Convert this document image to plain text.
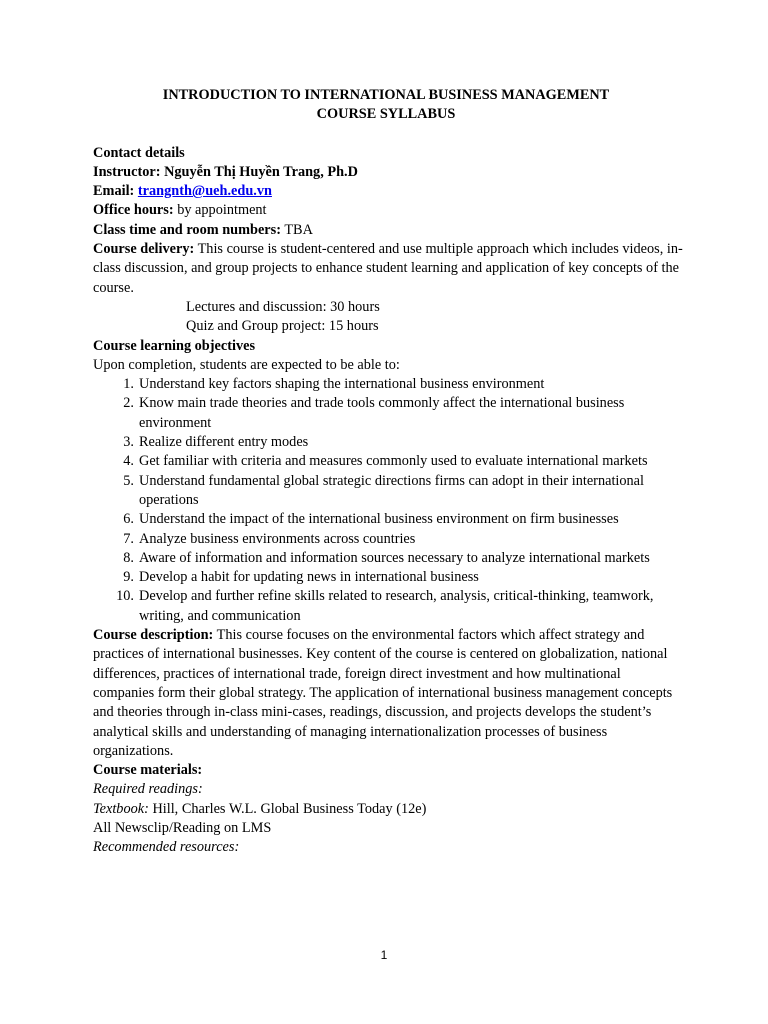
INTRODUCTION TO INTERNATIONAL BUSINESS MANAGEMENT
COURSE SYLLABUS
Contact details
Instructor: Nguyễn Thị Huyền Trang, Ph.D
Email: trangnth@ueh.edu.vn
Office hours: by appointment
Class time and room numbers: TBA
Course delivery: This course is student-centered and use multiple approach which includes videos, in-class discussion, and group projects to enhance student learning and application of key concepts of the course.
Lectures and discussion: 30 hours
Quiz and Group project: 15 hours
Course learning objectives
Upon completion, students are expected to be able to:
1. Understand key factors shaping the international business environment
2. Know main trade theories and trade tools commonly affect the international business environment
3. Realize different entry modes
4. Get familiar with criteria and measures commonly used to evaluate international markets
5. Understand fundamental global strategic directions firms can adopt in their international operations
6. Understand the impact of the international business environment on firm businesses
7. Analyze business environments across countries
8. Aware of information and information sources necessary to analyze international markets
9. Develop a habit for updating news in international business
10. Develop and further refine skills related to research, analysis, critical-thinking, teamwork, writing, and communication
Course description: This course focuses on the environmental factors which affect strategy and practices of international businesses. Key content of the course is centered on globalization, national differences, practices of international trade, foreign direct investment and how multinational companies form their global strategy. The application of international business management concepts and theories through in-class mini-cases, readings, discussion, and projects develops the student’s analytical skills and understanding of managing internationalization processes of business organizations.
Course materials:
Required readings:
Textbook: Hill, Charles W.L. Global Business Today (12e)
All Newsclip/Reading on LMS
Recommended resources:
1
